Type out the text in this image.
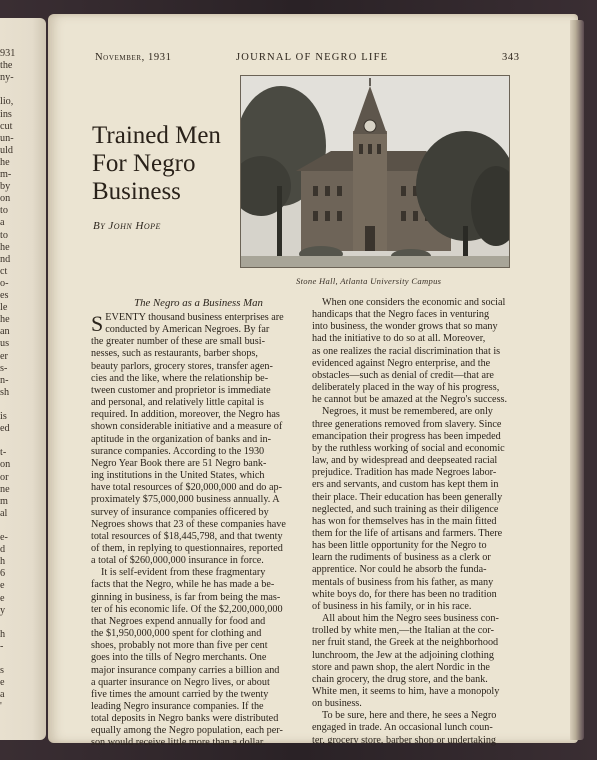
931
the
ny-
lio,
ins
cut
un-
uld
he
m-
by
on
to
a
to
he
nd
ct
o-
es
le
he
an
us
er
s-
n-
sh
is
ed
t-
on
or
ne
m
al
e-
d
h
6
e
e
y
h
-
s
e
a
'
November, 1931	JOURNAL OF NEGRO LIFE	343
Trained Men
For Negro
Business
By John Hope
Stone Hall, Atlanta University Campus
The Negro as a Business Man
S EVENTY thousand business enterprises are
conducted by American Negroes. By far
the greater number of these are small busi-
nesses, such as restaurants, barber shops,
beauty parlors, grocery stores, transfer agen-
cies and the like, where the relationship be-
tween customer and proprietor is immediate
and personal, and relatively little capital is
required. In addition, moreover, the Negro has
shown considerable initiative and a measure of
aptitude in the organization of banks and in-
surance companies. According to the 1930
Negro Year Book there are 51 Negro bank-
ing institutions in the United States, which
have total resources of $20,000,000 and do ap-
proximately $75,000,000 business annually. A
survey of insurance companies officered by
Negroes shows that 23 of these companies have
total resources of $18,445,798, and that twenty
of them, in replying to questionnaires, reported
a total of $260,000,000 insurance in force.
It is self-evident from these fragmentary
facts that the Negro, while he has made a be-
ginning in business, is far from being the mas-
ter of his economic life. Of the $2,200,000,000
that Negroes expend annually for food and
the $1,950,000,000 spent for clothing and
shoes, probably not more than five per cent
goes into the tills of Negro merchants. One
major insurance company carries a billion and
a quarter insurance on Negro lives, or about
five times the amount carried by the twenty
leading Negro insurance companies. If the
total deposits in Negro banks were distributed
equally among the Negro population, each per-
son would receive little more than a dollar.
When one considers the economic and social
handicaps that the Negro faces in venturing
into business, the wonder grows that so many
had the initiative to do so at all. Moreover,
as one realizes the racial discrimination that is
evidenced against Negro enterprise, and the
obstacles—such as denial of credit—that are
deliberately placed in the way of his progress,
he cannot but be amazed at the Negro's success.
Negroes, it must be remembered, are only
three generations removed from slavery. Since
emancipation their progress has been impeded
by the ruthless working of social and economic
law, and by widespread and deepseated racial
prejudice. Tradition has made Negroes labor-
ers and servants, and custom has kept them in
their place. Their education has been generally
neglected, and such training as their diligence
has won for themselves has in the main fitted
them for the life of artisans and farmers. There
has been little opportunity for the Negro to
learn the rudiments of business as a clerk or
apprentice. Nor could he absorb the funda-
mentals of business from his father, as many
white boys do, for there has been no tradition
of business in his family, or in his race.
All about him the Negro sees business con-
trolled by white men,—the Italian at the cor-
ner fruit stand, the Greek at the neighborhood
lunchroom, the Jew at the adjoining clothing
store and pawn shop, the alert Nordic in the
chain grocery, the drug store, and the bank.
White men, it seems to him, have a monopoly
on business.
To be sure, here and there, he sees a Negro
engaged in trade. An occasional lunch coun-
ter, grocery store, barber shop or undertaking
